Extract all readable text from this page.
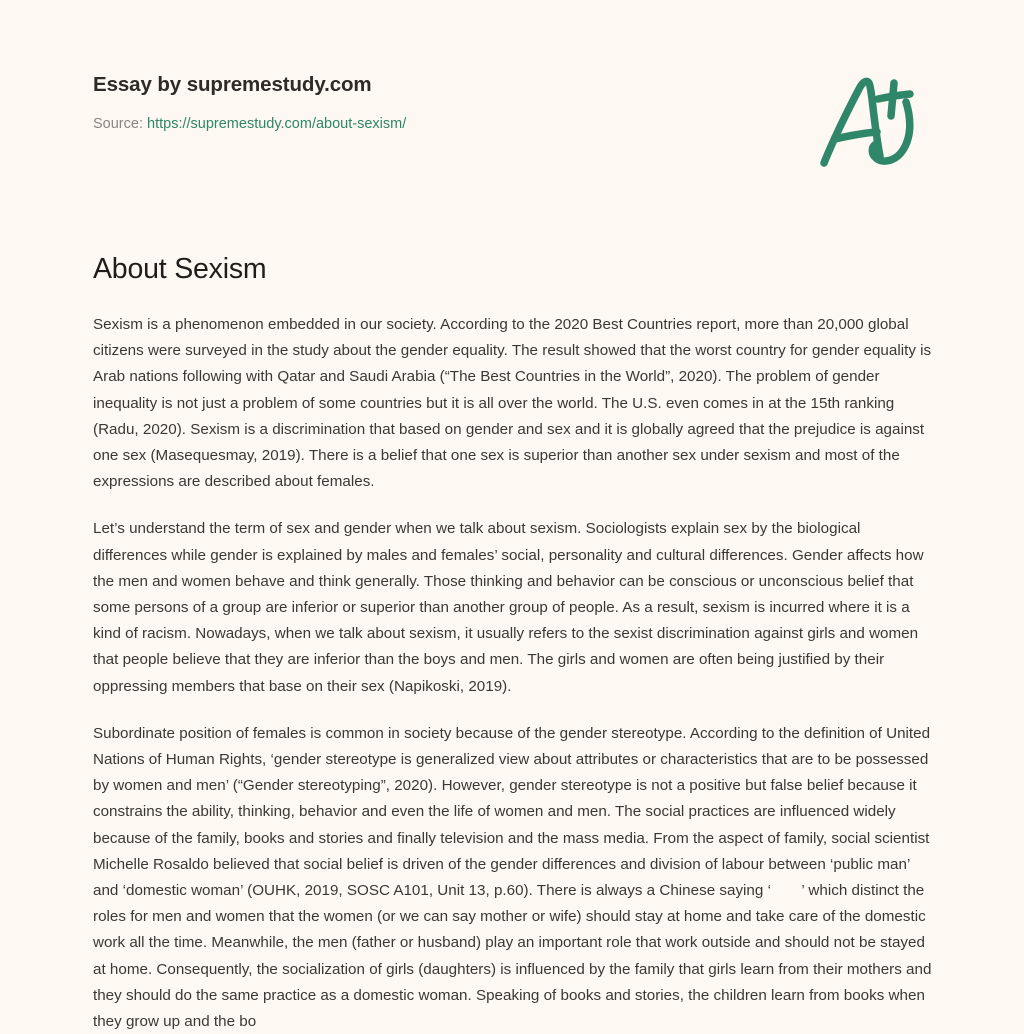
Essay by supremestudy.com
Source: https://supremestudy.com/about-sexism/
About Sexism

Sexism is a phenomenon embedded in our society. According to the 2020 Best Countries report, more than 20,000 global citizens were surveyed in the study about the gender equality. The result showed that the worst country for gender equality is Arab nations following with Qatar and Saudi Arabia (“The Best Countries in the World”, 2020). The problem of gender inequality is not just a problem of some countries but it is all over the world. The U.S. even comes in at the 15th ranking (Radu, 2020). Sexism is a discrimination that based on gender and sex and it is globally agreed that the prejudice is against one sex (Masequesmay, 2019). There is a belief that one sex is superior than another sex under sexism and most of the expressions are described about females.

Let’s understand the term of sex and gender when we talk about sexism. Sociologists explain sex by the biological differences while gender is explained by males and females’ social, personality and cultural differences. Gender affects how the men and women behave and think generally. Those thinking and behavior can be conscious or unconscious belief that some persons of a group are inferior or superior than another group of people. As a result, sexism is incurred where it is a kind of racism. Nowadays, when we talk about sexism, it usually refers to the sexist discrimination against girls and women that people believe that they are inferior than the boys and men. The girls and women are often being justified by their oppressing members that base on their sex (Napikoski, 2019).

Subordinate position of females is common in society because of the gender stereotype. According to the definition of United Nations of Human Rights, ‘gender stereotype is generalized view about attributes or characteristics that are to be possessed by women and men’ (“Gender stereotyping”, 2020). However, gender stereotype is not a positive but false belief because it constrains the ability, thinking, behavior and even the life of women and men. The social practices are influenced widely because of the family, books and stories and finally television and the mass media. From the aspect of family, social scientist Michelle Rosaldo believed that social belief is driven of the gender differences and division of labour between ‘public man’ and ‘domestic woman’ (OUHK, 2019, SOSC A101, Unit 13, p.60). There is always a Chinese saying ‘  ’ which distinct the roles for men and women that the women (or we can say mother or wife) should stay at home and take care of the domestic work all the time. Meanwhile, the men (father or husband) play an important role that work outside and should not be stayed at home. Consequently, the socialization of girls (daughters) is influenced by the family that girls learn from their mothers and they should do the same practice as a domestic woman. Speaking of books and stories, the children learn from books when they grow up and the bo
